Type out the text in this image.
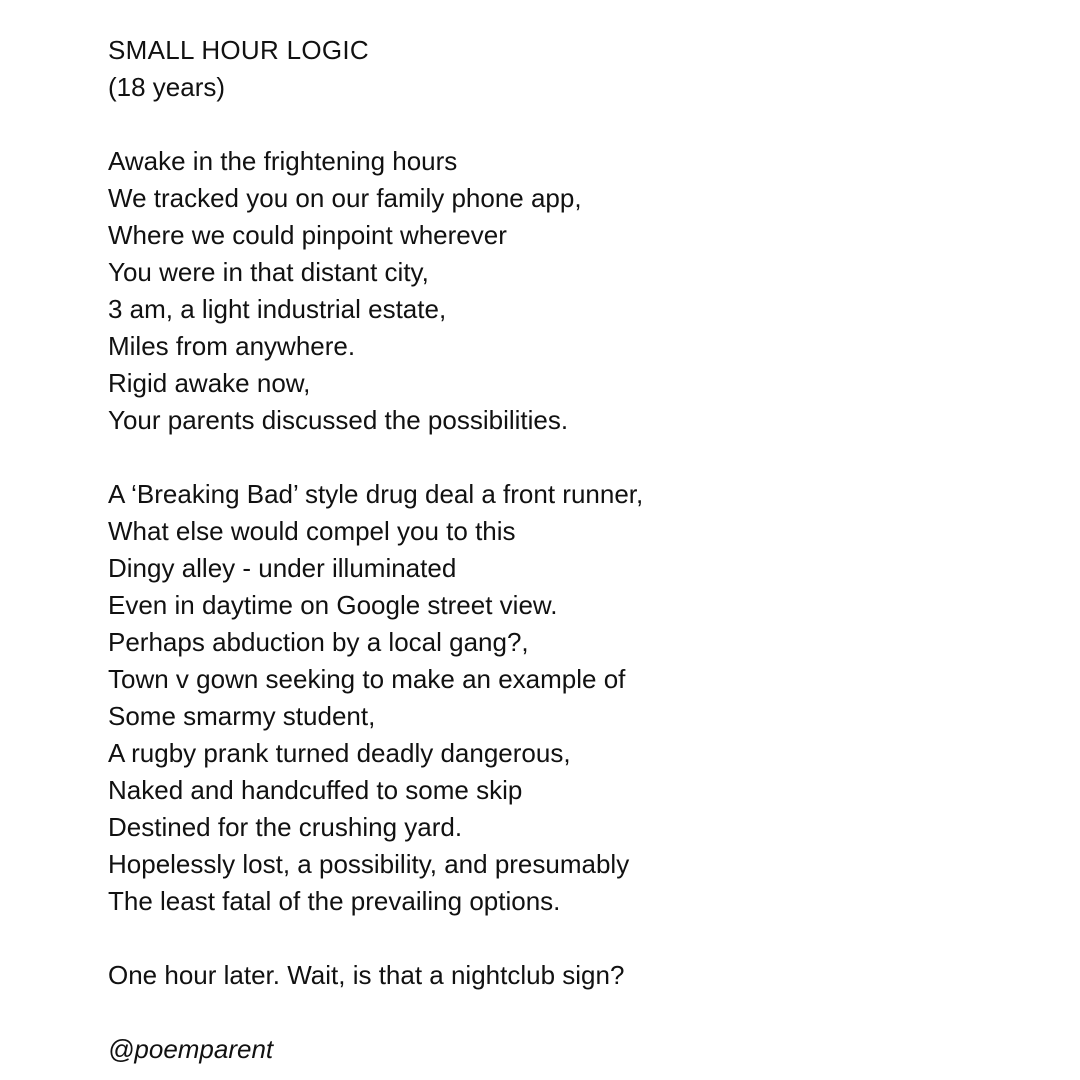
SMALL HOUR LOGIC
(18 years)
Awake in the frightening hours
We tracked you on our family phone app,
Where we could pinpoint wherever
You were in that distant city,
3 am, a light industrial estate,
Miles from anywhere.
Rigid awake now,
Your parents discussed the possibilities.
A ‘Breaking Bad’ style drug deal a front runner,
What else would compel you to this
Dingy alley - under illuminated
Even in daytime on Google street view.
Perhaps abduction by a local gang?,
Town v gown seeking to make an example of
Some smarmy student,
A rugby prank turned deadly dangerous,
Naked and handcuffed to some skip
Destined for the crushing yard.
Hopelessly lost, a possibility, and presumably
The least fatal of the prevailing options.
One hour later. Wait, is that a nightclub sign?
@poemparent
